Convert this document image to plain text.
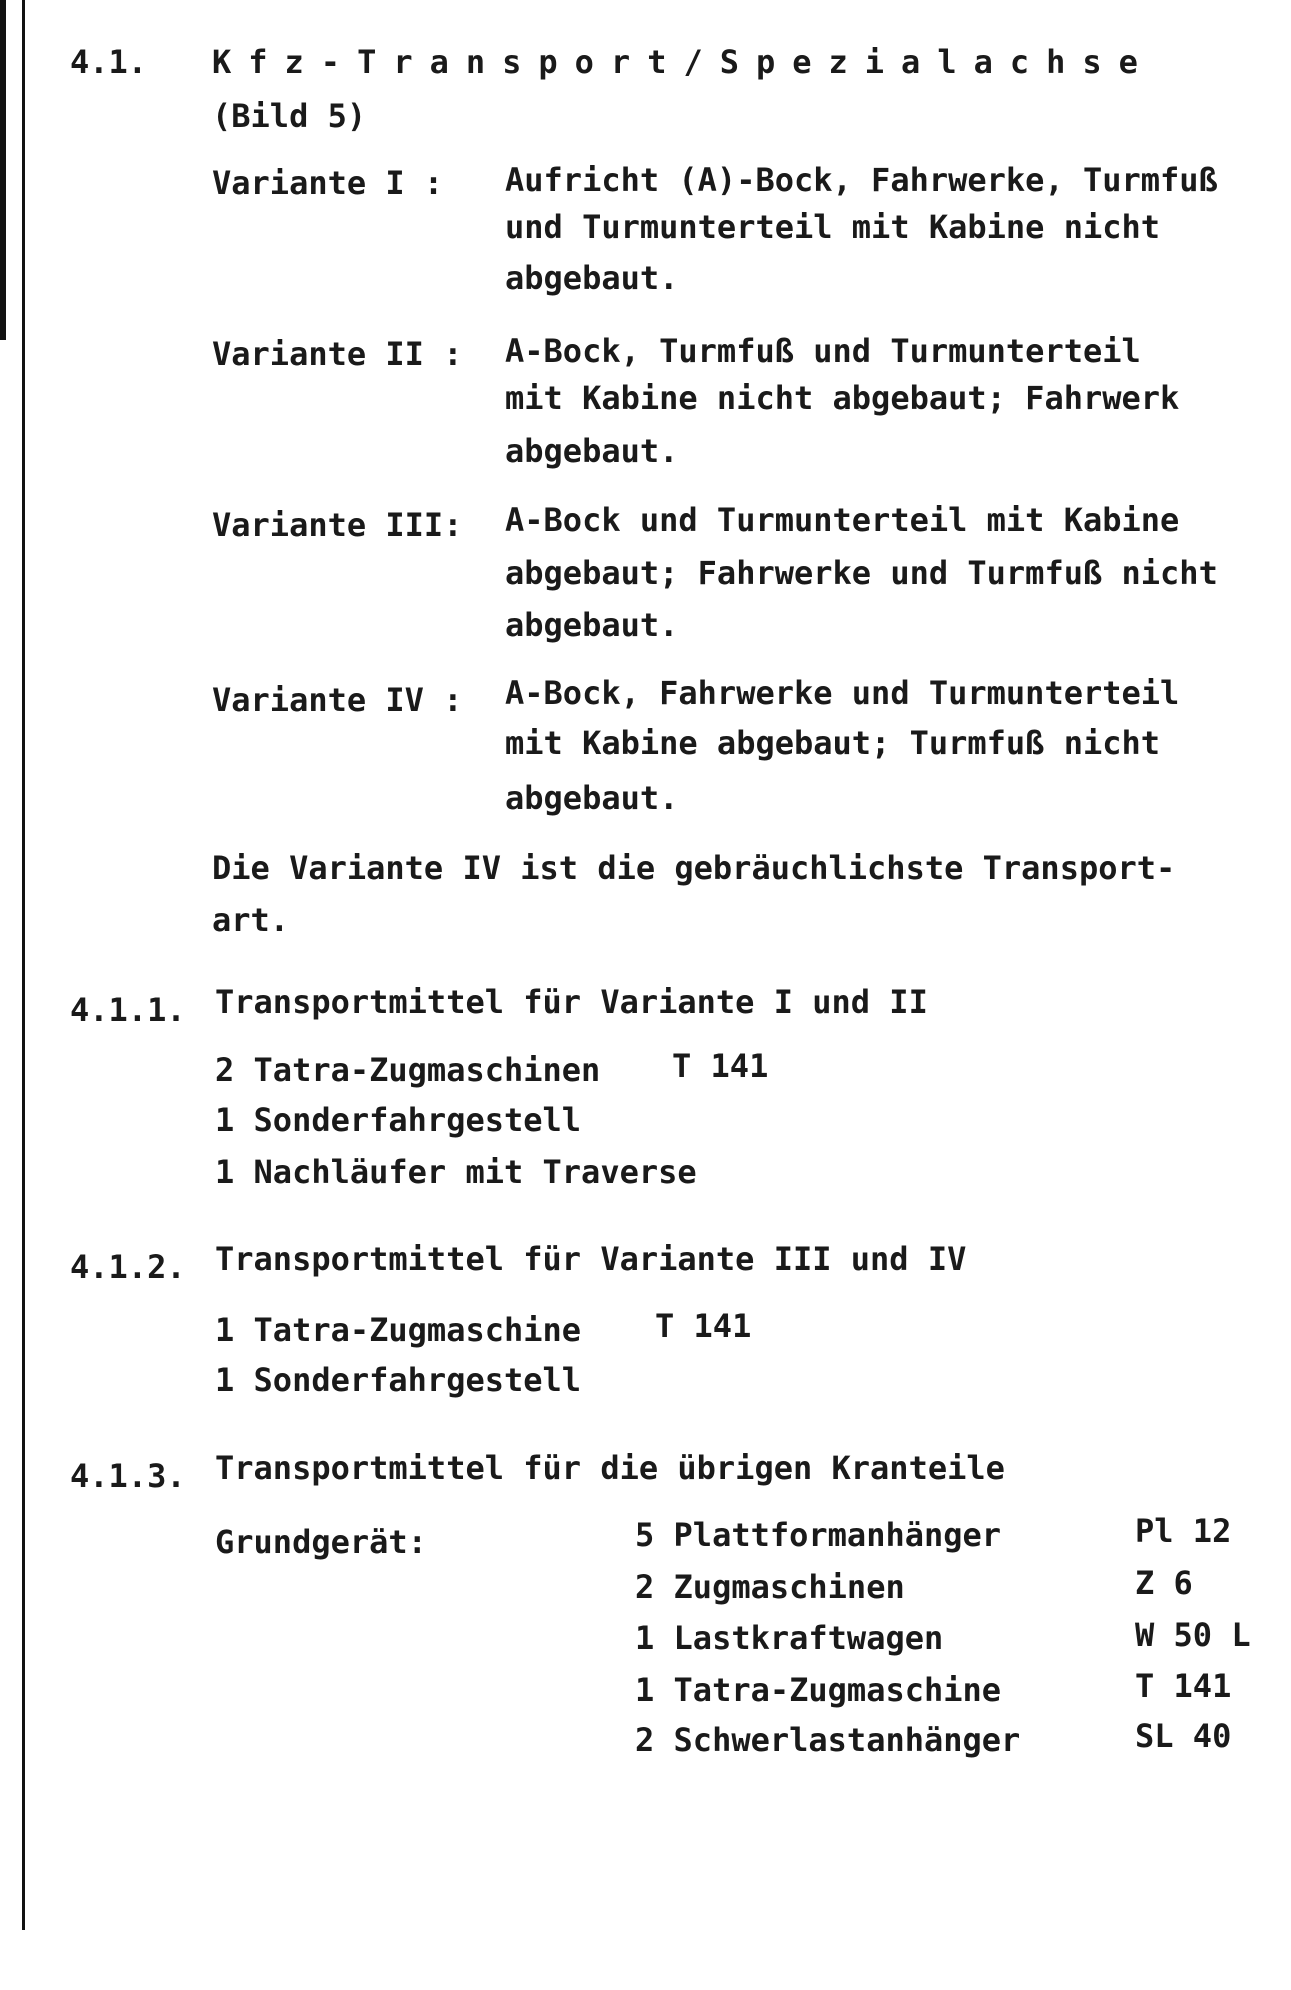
4.1. Kfz-Transport/Spezialachse
(Bild 5)
Variante I : Aufricht (A)-Bock, Fahrwerke, Turmfuß
und Turmunterteil mit Kabine nicht
abgebaut.
Variante II : A-Bock, Turmfuß und Turmunterteil
mit Kabine nicht abgebaut; Fahrwerk
abgebaut.
Variante III: A-Bock und Turmunterteil mit Kabine
abgebaut; Fahrwerke und Turmfuß nicht
abgebaut.
Variante IV : A-Bock, Fahrwerke und Turmunterteil
mit Kabine abgebaut; Turmfuß nicht
abgebaut.
Die Variante IV ist die gebräuchlichste Transport-
art.
4.1.1. Transportmittel für Variante I und II
2 Tatra-Zugmaschinen T 141
1 Sonderfahrgestell
1 Nachläufer mit Traverse
4.1.2. Transportmittel für Variante III und IV
1 Tatra-Zugmaschine T 141
1 Sonderfahrgestell
4.1.3. Transportmittel für die übrigen Kranteile
Grundgerät:	5 Plattformanhänger	Pl 12
2 Zugmaschinen	Z 6
1 Lastkraftwagen	W 50 L
1 Tatra-Zugmaschine	T 141
2 Schwerlastanhänger	SL 40
